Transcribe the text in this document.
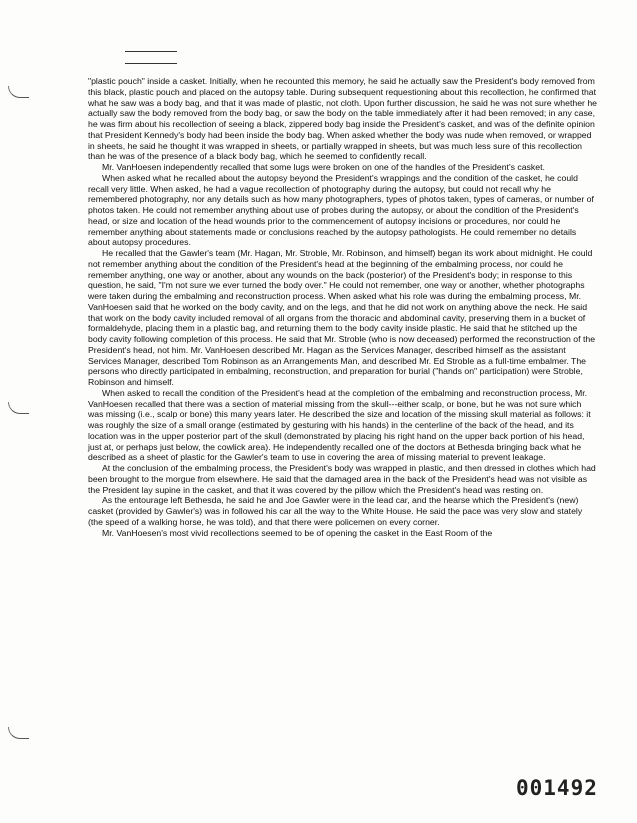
"plastic pouch" inside a casket. Initially, when he recounted this memory, he said he actually saw the President's body removed from this black, plastic pouch and placed on the autopsy table. During subsequent requestioning about this recollection, he confirmed that what he saw was a body bag, and that it was made of plastic, not cloth. Upon further discussion, he said he was not sure whether he actually saw the body removed from the body bag, or saw the body on the table immediately after it had been removed; in any case, he was firm about his recollection of seeing a black, zippered body bag inside the President's casket, and was of the definite opinion that President Kennedy's body had been inside the body bag. When asked whether the body was nude when removed, or wrapped in sheets, he said he thought it was wrapped in sheets, or partially wrapped in sheets, but was much less sure of this recollection than he was of the presence of a black body bag, which he seemed to confidently recall.

Mr. VanHoesen independently recalled that some lugs were broken on one of the handles of the President's casket.

When asked what he recalled about the autopsy beyond the President's wrappings and the condition of the casket, he could recall very little. When asked, he had a vague recollection of photography during the autopsy, but could not recall why he remembered photography, nor any details such as how many photographers, types of photos taken, types of cameras, or number of photos taken. He could not remember anything about use of probes during the autopsy, or about the condition of the President's head, or size and location of the head wounds prior to the commencement of autopsy incisions or procedures, nor could he remember anything about statements made or conclusions reached by the autopsy pathologists. He could remember no details about autopsy procedures.

He recalled that the Gawler's team (Mr. Hagan, Mr. Stroble, Mr. Robinson, and himself) began its work about midnight. He could not remember anything about the condition of the President's head at the beginning of the embalming process, nor could he remember anything, one way or another, about any wounds on the back (posterior) of the President's body; in response to this question, he said, "I'm not sure we ever turned the body over." He could not remember, one way or another, whether photographs were taken during the embalming and reconstruction process. When asked what his role was during the embalming process, Mr. VanHoesen said that he worked on the body cavity, and on the legs, and that he did not work on anything above the neck. He said that work on the body cavity included removal of all organs from the thoracic and abdominal cavity, preserving them in a bucket of formaldehyde, placing them in a plastic bag, and returning them to the body cavity inside plastic. He said that he stitched up the body cavity following completion of this process. He said that Mr. Stroble (who is now deceased) performed the reconstruction of the President's head, not him. Mr. VanHoesen described Mr. Hagan as the Services Manager, described himself as the assistant Services Manager, described Tom Robinson as an Arrangements Man, and described Mr. Ed Stroble as a full-time embalmer. The persons who directly participated in embalming, reconstruction, and preparation for burial ("hands on" participation) were Stroble, Robinson and himself.

When asked to recall the condition of the President's head at the completion of the embalming and reconstruction process, Mr. VanHoesen recalled that there was a section of material missing from the skull---either scalp, or bone, but he was not sure which was missing (i.e., scalp or bone) this many years later. He described the size and location of the missing skull material as follows: it was roughly the size of a small orange (estimated by gesturing with his hands) in the centerline of the back of the head, and its location was in the upper posterior part of the skull (demonstrated by placing his right hand on the upper back portion of his head, just at, or perhaps just below, the cowlick area). He independently recalled one of the doctors at Bethesda bringing back what he described as a sheet of plastic for the Gawler's team to use in covering the area of missing material to prevent leakage.

At the conclusion of the embalming process, the President's body was wrapped in plastic, and then dressed in clothes which had been brought to the morgue from elsewhere. He said that the damaged area in the back of the President's head was not visible as the President lay supine in the casket, and that it was covered by the pillow which the President's head was resting on.

As the entourage left Bethesda, he said he and Joe Gawler were in the lead car, and the hearse which the President's (new) casket (provided by Gawler's) was in followed his car all the way to the White House. He said the pace was very slow and stately (the speed of a walking horse, he was told), and that there were policemen on every corner.

Mr. VanHoesen's most vivid recollections seemed to be of opening the casket in the East Room of the

001492
